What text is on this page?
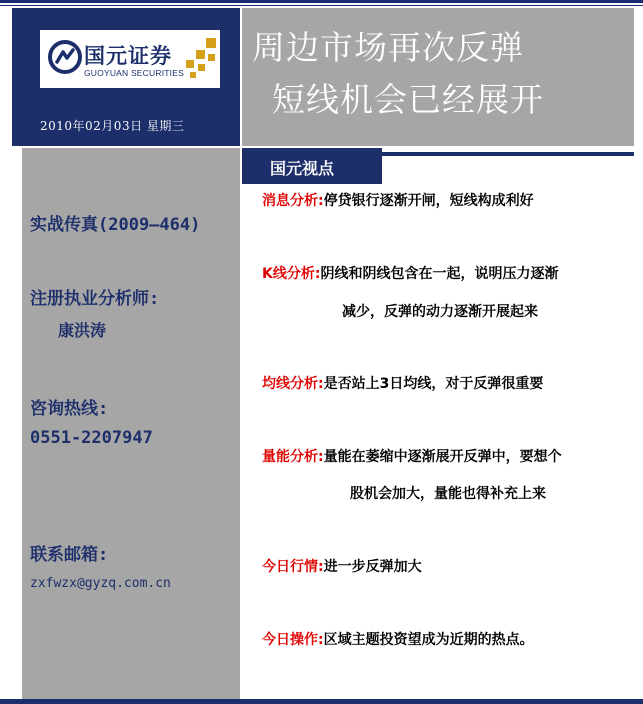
国元证券
GUOYUAN SECURITIES
2010年02月03日 星期三
周边市场再次反弹
短线机会已经展开
实战传真(2009—464)
注册执业分析师:
康洪涛
咨询热线:
0551-2207947
联系邮箱:
zxfwzx@gyzq.com.cn
国元视点
消息分析:停贷银行逐渐开闸，短线构成利好
K线分析:阴线和阴线包含在一起，说明压力逐渐
减少，反弹的动力逐渐开展起来
均线分析:是否站上3日均线，对于反弹很重要
量能分析:量能在萎缩中逐渐展开反弹中，要想个
股机会加大，量能也得补充上来
今日行情:进一步反弹加大
今日操作:区域主题投资望成为近期的热点。
